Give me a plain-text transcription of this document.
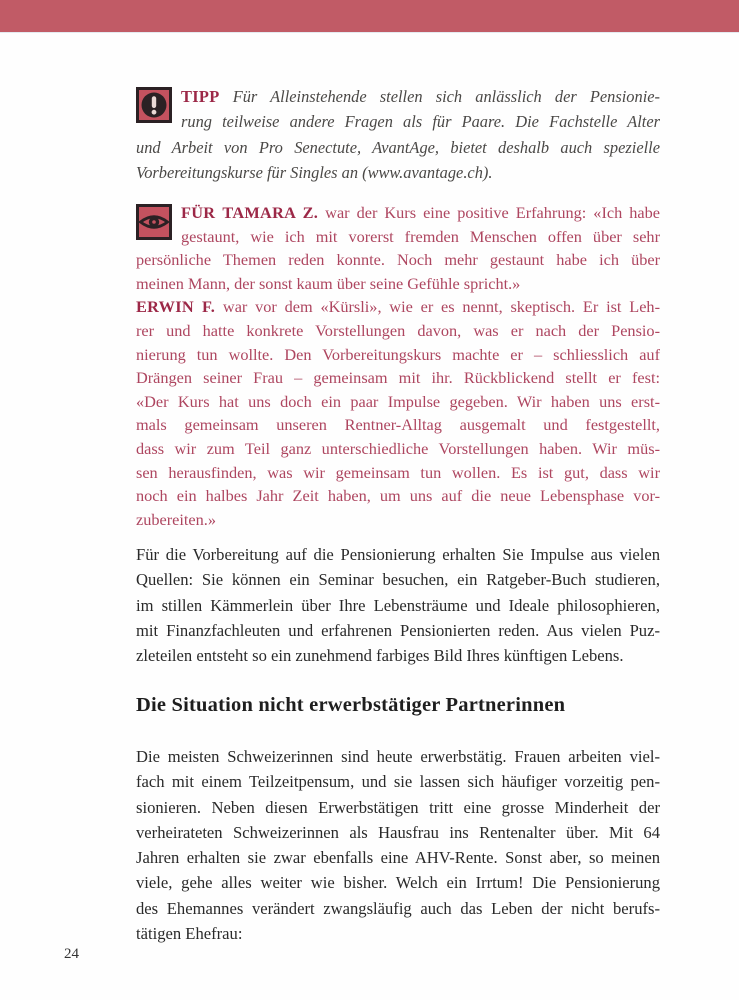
TIPP Für Alleinstehende stellen sich anlässlich der Pensionie-
rung teilweise andere Fragen als für Paare. Die Fachstelle Alter
und Arbeit von Pro Senectute, AvantAge, bietet deshalb auch spezielle
Vorbereitungskurse für Singles an (www.avantage.ch).
FÜR TAMARA Z. war der Kurs eine positive Erfahrung: «Ich habe
gestaunt, wie ich mit vorerst fremden Menschen offen über sehr
persönliche Themen reden konnte. Noch mehr gestaunt habe ich über
meinen Mann, der sonst kaum über seine Gefühle spricht.»
ERWIN F. war vor dem «Kürsli», wie er es nennt, skeptisch. Er ist Leh-
rer und hatte konkrete Vorstellungen davon, was er nach der Pensio-
nierung tun wollte. Den Vorbereitungskurs machte er – schliesslich auf
Drängen seiner Frau – gemeinsam mit ihr. Rückblickend stellt er fest:
«Der Kurs hat uns doch ein paar Impulse gegeben. Wir haben uns erst-
mals gemeinsam unseren Rentner-Alltag ausgemalt und festgestellt,
dass wir zum Teil ganz unterschiedliche Vorstellungen haben. Wir müs-
sen herausfinden, was wir gemeinsam tun wollen. Es ist gut, dass wir
noch ein halbes Jahr Zeit haben, um uns auf die neue Lebensphase vor-
zubereiten.»
Für die Vorbereitung auf die Pensionierung erhalten Sie Impulse aus vielen
Quellen: Sie können ein Seminar besuchen, ein Ratgeber-Buch studieren,
im stillen Kämmerlein über Ihre Lebensträume und Ideale philosophieren,
mit Finanzfachleuten und erfahrenen Pensionierten reden. Aus vielen Puz-
zleteilen entsteht so ein zunehmend farbiges Bild Ihres künftigen Lebens.
Die Situation nicht erwerbstätiger Partnerinnen
Die meisten Schweizerinnen sind heute erwerbstätig. Frauen arbeiten viel-
fach mit einem Teilzeitpensum, und sie lassen sich häufiger vorzeitig pen-
sionieren. Neben diesen Erwerbstätigen tritt eine grosse Minderheit der
verheirateten Schweizerinnen als Hausfrau ins Rentenalter über. Mit 64
Jahren erhalten sie zwar ebenfalls eine AHV-Rente. Sonst aber, so meinen
viele, gehe alles weiter wie bisher. Welch ein Irrtum! Die Pensionierung
des Ehemannes verändert zwangsläufig auch das Leben der nicht berufs-
tätigen Ehefrau:
24
